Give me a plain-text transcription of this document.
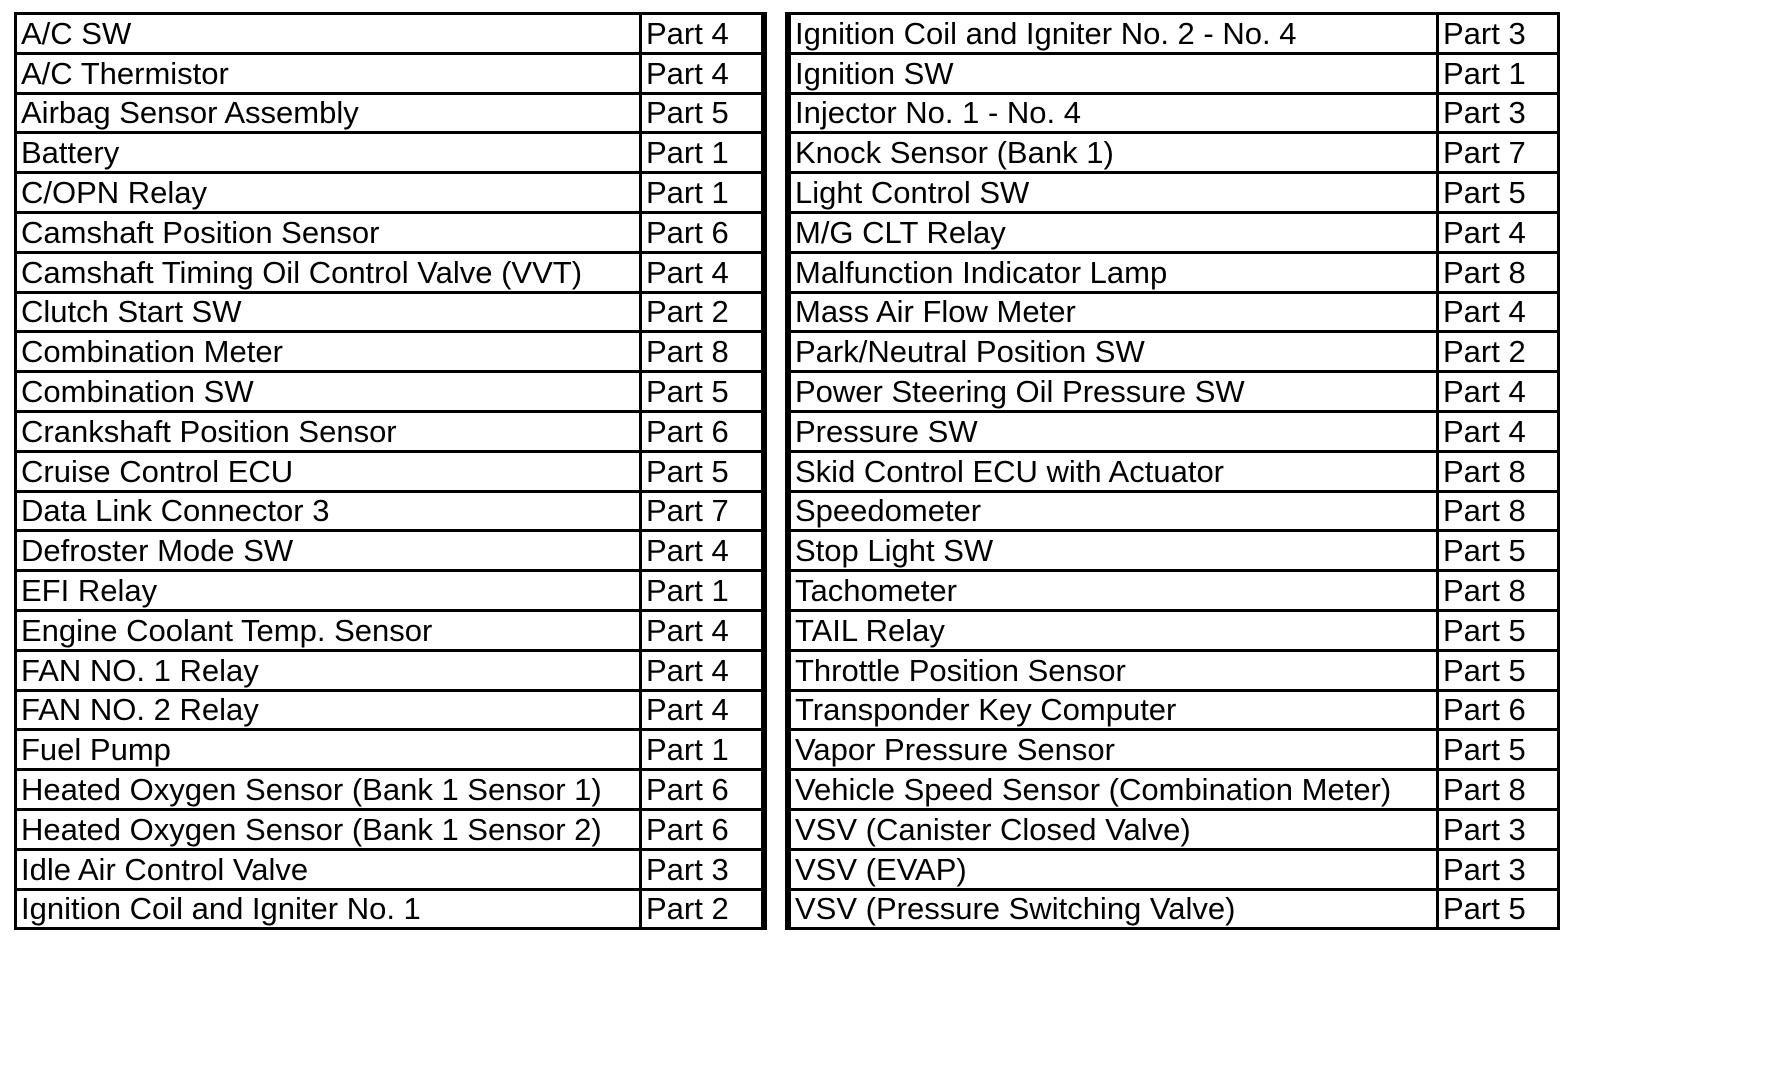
A/C SW	Part 4
A/C Thermistor	Part 4
Airbag Sensor Assembly	Part 5
Battery	Part 1
C/OPN Relay	Part 1
Camshaft Position Sensor	Part 6
Camshaft Timing Oil Control Valve (VVT)	Part 4
Clutch Start SW	Part 2
Combination Meter	Part 8
Combination SW	Part 5
Crankshaft Position Sensor	Part 6
Cruise Control ECU	Part 5
Data Link Connector 3	Part 7
Defroster Mode SW	Part 4
EFI Relay	Part 1
Engine Coolant Temp. Sensor	Part 4
FAN NO. 1 Relay	Part 4
FAN NO. 2 Relay	Part 4
Fuel Pump	Part 1
Heated Oxygen Sensor (Bank 1 Sensor 1)	Part 6
Heated Oxygen Sensor (Bank 1 Sensor 2)	Part 6
Idle Air Control Valve	Part 3
Ignition Coil and Igniter No. 1	Part 2
Ignition Coil and Igniter No. 2 - No. 4	Part 3
Ignition SW	Part 1
Injector No. 1 - No. 4	Part 3
Knock Sensor (Bank 1)	Part 7
Light Control SW	Part 5
M/G CLT Relay	Part 4
Malfunction Indicator Lamp	Part 8
Mass Air Flow Meter	Part 4
Park/Neutral Position SW	Part 2
Power Steering Oil Pressure SW	Part 4
Pressure SW	Part 4
Skid Control ECU with Actuator	Part 8
Speedometer	Part 8
Stop Light SW	Part 5
Tachometer	Part 8
TAIL Relay	Part 5
Throttle Position Sensor	Part 5
Transponder Key Computer	Part 6
Vapor Pressure Sensor	Part 5
Vehicle Speed Sensor (Combination Meter)	Part 8
VSV (Canister Closed Valve)	Part 3
VSV (EVAP)	Part 3
VSV (Pressure Switching Valve)	Part 5
